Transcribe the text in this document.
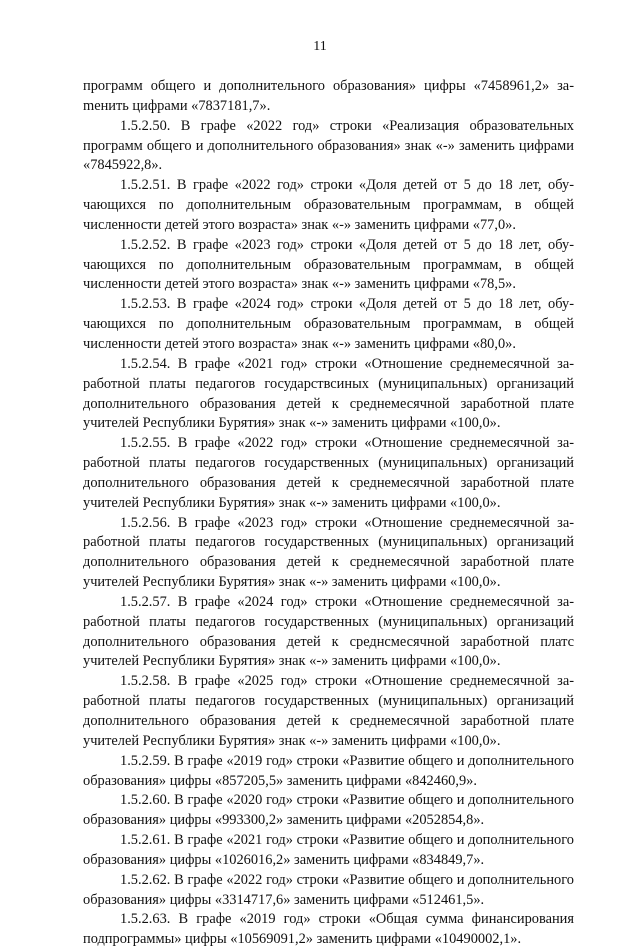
11

программ общего и дополнительного образования» цифры «7458961,2» заmенить цифрами «7837181,7».

1.5.2.50. В графе «2022 год» строки «Реализация образовательных программ общего и дополнительного образования» знак «-» заменить цифрами «7845922,8».

1.5.2.51. В графе «2022 год» строки «Доля детей от 5 до 18 лет, обучающихся по дополнительным образовательным программам, в общей численности детей этого возраста» знак «-» заменить цифрами «77,0».

1.5.2.52. В графе «2023 год» строки «Доля детей от 5 до 18 лет, обучающихся по дополнительным образовательным программам, в общей численности детей этого возраста» знак «-» заменить цифрами «78,5».

1.5.2.53. В графе «2024 год» строки «Доля детей от 5 до 18 лет, обучающихся по дополнительным образовательным программам, в общей численности детей этого возраста» знак «-» заменить цифрами «80,0».

1.5.2.54. В графе «2021 год» строки «Отношение среднемесячной заработной платы педагогов государствсиных (муниципальных) организаций дополнительного образования детей к среднемесячной заработной плате учителей Республики Бурятия» знак «-» заменить цифрами «100,0».

1.5.2.55. В графе «2022 год» строки «Отношение среднемесячной заработной платы педагогов государственных (муниципальных) организаций дополнительного образования детей к среднемесячной заработной плате учителей Республики Бурятия» знак «-» заменить цифрами «100,0».

1.5.2.56. В графе «2023 год» строки «Отношение среднемесячной заработной платы педагогов государственных (муниципальных) организаций дополнительного образования детей к среднемесячной заработной плате учителей Республики Бурятия» знак «-» заменить цифрами «100,0».

1.5.2.57. В графе «2024 год» строки «Отношение среднемесячной заработной платы педагогов государственных (муниципальных) организаций дополнительного образования детей к среднсмесячной заработной платс учителей Республики Бурятия» знак «-» заменить цифрами «100,0».

1.5.2.58. В графе «2025 год» строки «Отношение среднемесячной заработной платы педагогов государственных (муниципальных) организаций дополнительного образования детей к среднемесячной заработной плате учителей Республики Бурятия» знак «-» заменить цифрами «100,0».

1.5.2.59. В графе «2019 год» строки «Развитие общего и дополнительного образования» цифры «857205,5» заменить цифрами «842460,9».

1.5.2.60. В графе «2020 год» строки «Развитие общего и дополнительного образования» цифры «993300,2» заменить цифрами «2052854,8».

1.5.2.61. В графе «2021 год» строки «Развитие общего и дополнительного образования» цифры «1026016,2» заменить цифрами «834849,7».

1.5.2.62. В графе «2022 год» строки «Развитие общего и дополнительного образования» цифры «3314717,6» заменить цифрами «512461,5».

1.5.2.63. В графе «2019 год» строки «Общая сумма финансирования подпрограммы» цифры «10569091,2» заменить цифрами «10490002,1».
